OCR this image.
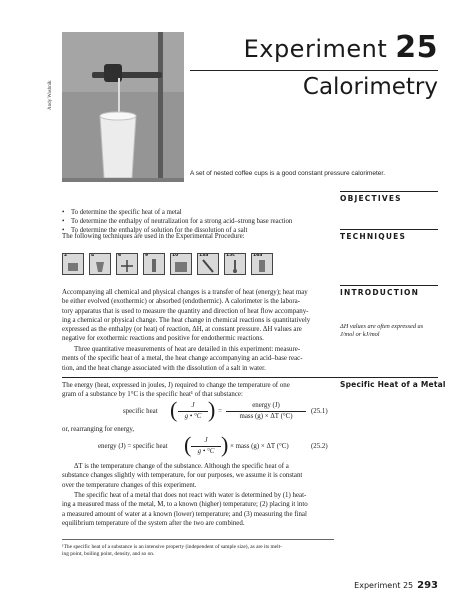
Andy Washnik
A set of nested coffee cups is a good constant pressure calorimeter.
Experiment 25
Calorimetry
OBJECTIVES
• To determine the specific heat of a metal
• To determine the enthalpy of neutralization for a strong acid–strong base reaction
• To determine the enthalpy of solution for the dissolution of a salt
TECHNIQUES
The following techniques are used in the Experimental Procedure:
2	4	6	9	10	13a	15c	16a
INTRODUCTION
Accompanying all chemical and physical changes is a transfer of heat (energy); heat may
be either evolved (exothermic) or absorbed (endothermic). A calorimeter is the labora-
tory apparatus that is used to measure the quantity and direction of heat flow accompany-
ing a chemical or physical change. The heat change in chemical reactions is quantitatively
expressed as the enthalpy (or heat) of reaction, ΔH, at constant pressure. ΔH values are
negative for exothermic reactions and positive for endothermic reactions.
Three quantitative measurements of heat are detailed in this experiment: measure-
ments of the specific heat of a metal, the heat change accompanying an acid–base reac-
tion, and the heat change associated with the dissolution of a salt in water.
ΔH values are often expressed as
J/mol or kJ/mol
Specific Heat of a Metal
The energy (heat, expressed in joules, J) required to change the temperature of one
gram of a substance by 1°C is the specific heat¹ of that substance:
specific heat (	J
g • °C ) =
energy (J)
mass (g) × ΔT (°C)
(25.1)
or, rearranging for energy,
energy (J) = specific heat (	J
g • °C ) × mass (g) × ΔT (°C)	(25.2)
ΔT is the temperature change of the substance. Although the specific heat of a
substance changes slightly with temperature, for our purposes, we assume it is constant
over the temperature changes of this experiment.
The specific heat of a metal that does not react with water is determined by (1) heat-
ing a measured mass of the metal, M, to a known (higher) temperature; (2) placing it into
a measured amount of water at a known (lower) temperature; and (3) measuring the final
equilibrium temperature of the system after the two are combined.
¹The specific heat of a substance is an intensive property (independent of sample size), as are its melt-
ing point, boiling point, density, and so on.
Experiment 25 293
